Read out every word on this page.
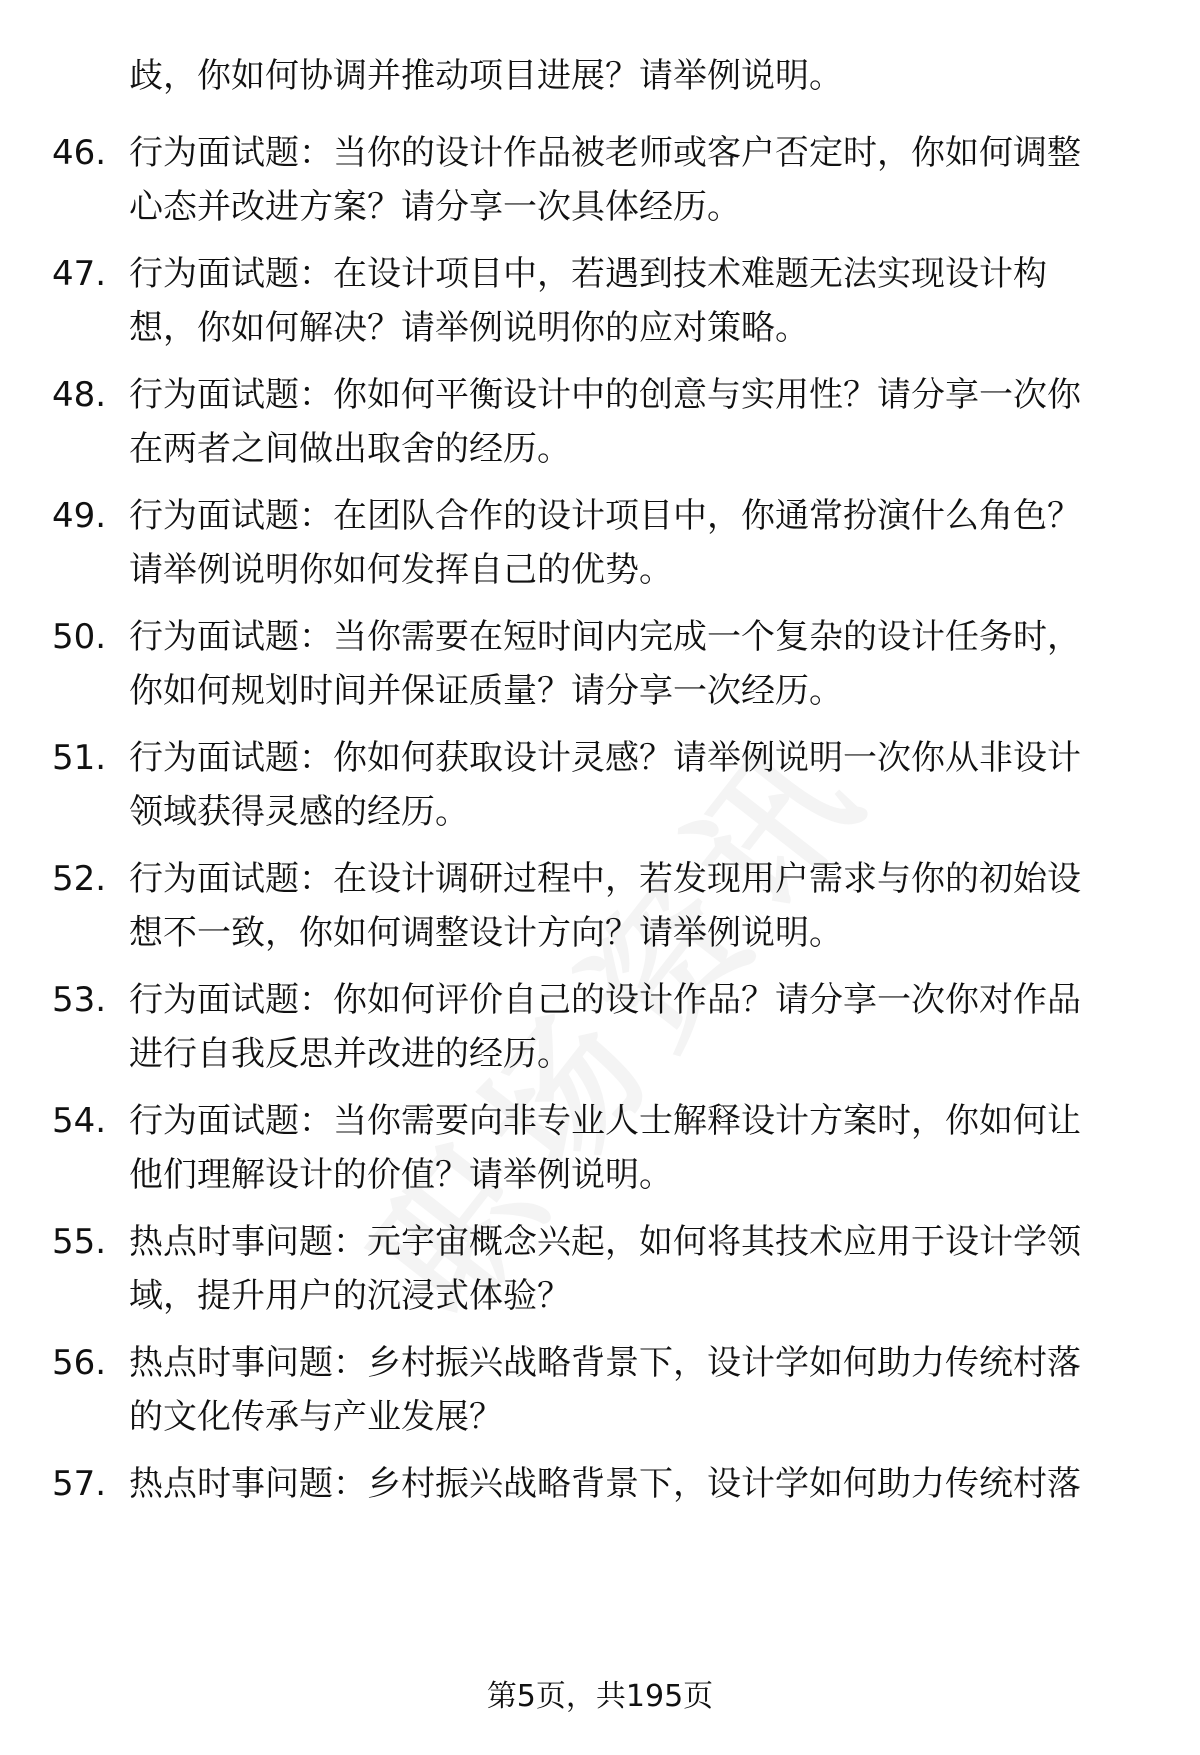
歧，你如何协调并推动项目进展？请举例说明。
46. 行为面试题：当你的设计作品被老师或客户否定时，你如何调整
心态并改进方案？请分享一次具体经历。
47. 行为面试题：在设计项目中，若遇到技术难题无法实现设计构
想，你如何解决？请举例说明你的应对策略。
48. 行为面试题：你如何平衡设计中的创意与实用性？请分享一次你
在两者之间做出取舍的经历。
49. 行为面试题：在团队合作的设计项目中，你通常扮演什么角色？
请举例说明你如何发挥自己的优势。
50. 行为面试题：当你需要在短时间内完成一个复杂的设计任务时，
你如何规划时间并保证质量？请分享一次经历。
51. 行为面试题：你如何获取设计灵感？请举例说明一次你从非设计
领域获得灵感的经历。
52. 行为面试题：在设计调研过程中，若发现用户需求与你的初始设
想不一致，你如何调整设计方向？请举例说明。
53. 行为面试题：你如何评价自己的设计作品？请分享一次你对作品
进行自我反思并改进的经历。
54. 行为面试题：当你需要向非专业人士解释设计方案时，你如何让
他们理解设计的价值？请举例说明。
55. 热点时事问题：元宇宙概念兴起，如何将其技术应用于设计学领
域，提升用户的沉浸式体验？
56. 热点时事问题：乡村振兴战略背景下，设计学如何助力传统村落
的文化传承与产业发展？
57. 热点时事问题：乡村振兴战略背景下，设计学如何助力传统村落
第5页，共195页
